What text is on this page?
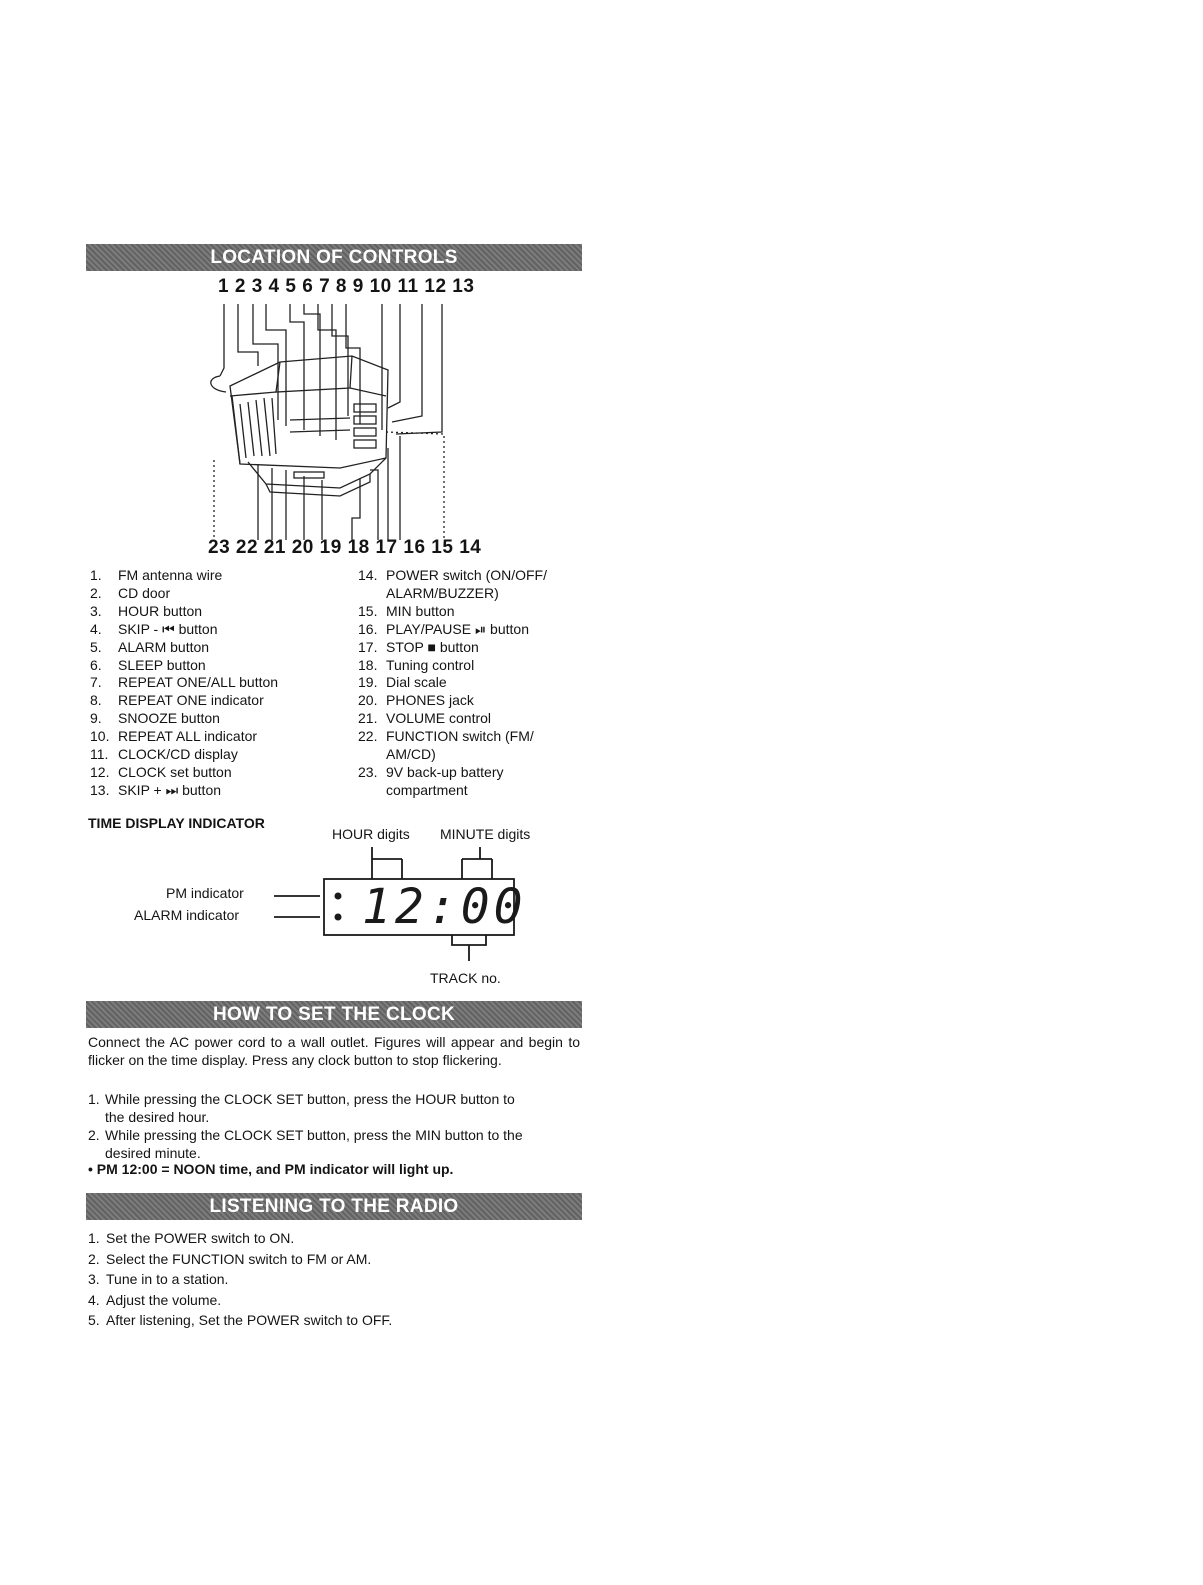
LOCATION OF CONTROLS
1 2 3 4 5 6 7 8 9 10 11 12 13
23 22 21 20 19 18 17 16 15 14
1.	FM antenna wire
2.	CD door
3.	HOUR button
4.	SKIP - ⏮ button
5.	ALARM button
6.	SLEEP button
7.	REPEAT ONE/ALL button
8.	REPEAT ONE indicator
9.	SNOOZE button
10. REPEAT ALL indicator
11. CLOCK/CD display
12. CLOCK set button
13. SKIP + ⏭ button
14. POWER switch (ON/OFF/ ALARM/BUZZER)
15. MIN button
16. PLAY/PAUSE ⏯ button
17. STOP ■ button
18. Tuning control
19. Dial scale
20. PHONES jack
21. VOLUME control
22. FUNCTION switch (FM/ AM/CD)
23. 9V back-up battery compartment
TIME DISPLAY INDICATOR
HOUR digits MINUTE digits
PM indicator
ALARM indicator	12:00
TRACK no.
HOW TO SET THE CLOCK
Connect the AC power cord to a wall outlet. Figures will appear and begin to flicker on the time display. Press any clock button to stop flickering.
1. While pressing the CLOCK SET button, press the HOUR button to
the desired hour.
2. While pressing the CLOCK SET button, press the MIN button to the
desired minute.
• PM 12:00 = NOON time, and PM indicator will light up.
LISTENING TO THE RADIO
1. Set the POWER switch to ON.
2. Select the FUNCTION switch to FM or AM.
3. Tune in to a station.
4. Adjust the volume.
5. After listening, Set the POWER switch to OFF.
